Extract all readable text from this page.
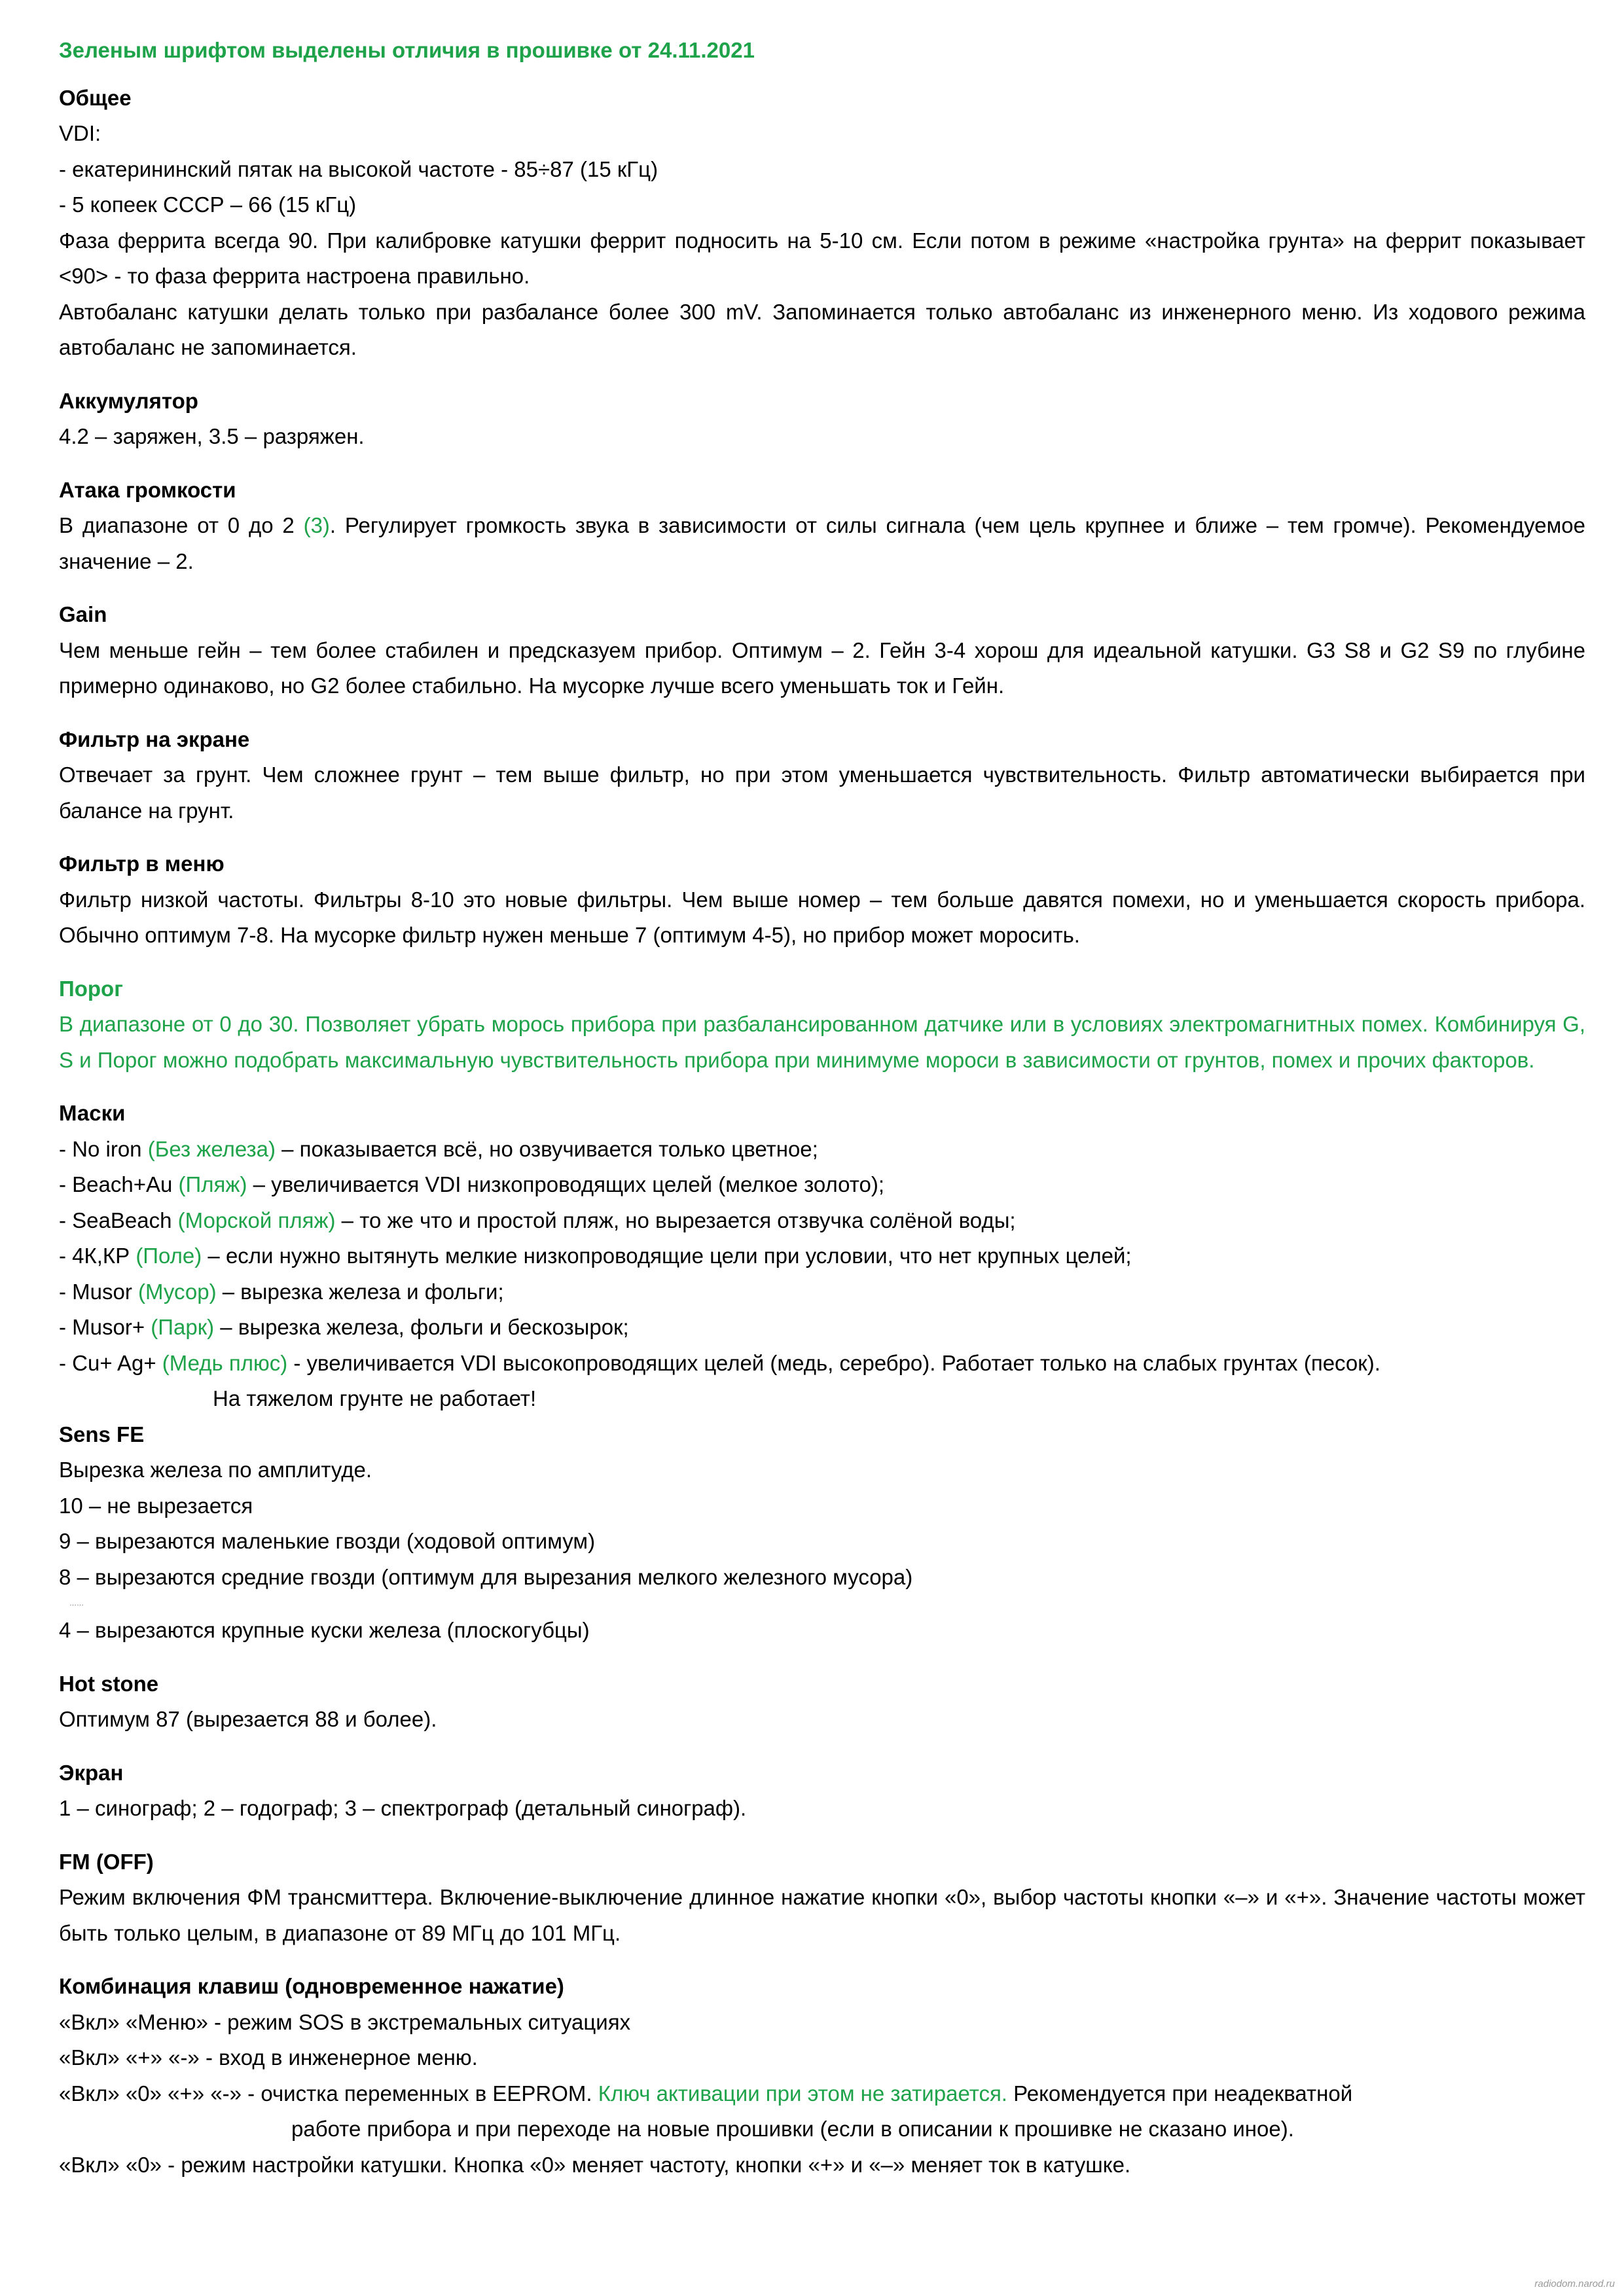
Зеленым шрифтом выделены отличия в прошивке от 24.11.2021
Общее
VDI:
- екатерининский пятак на высокой частоте - 85÷87 (15 кГц)
- 5 копеек СССР – 66 (15 кГц)
Фаза феррита всегда 90. При калибровке катушки феррит подносить на 5-10 см. Если потом в режиме «настройка грунта» на феррит показывает <90> - то фаза феррита настроена правильно.
Автобаланс катушки делать только при разбалансе более 300 mV. Запоминается только автобаланс из инженерного меню. Из ходового режима автобаланс не запоминается.
Аккумулятор
4.2 – заряжен, 3.5 – разряжен.
Атака громкости
В диапазоне от 0 до 2 (3). Регулирует громкость звука в зависимости от силы сигнала (чем цель крупнее и ближе – тем громче). Рекомендуемое значение – 2.
Gain
Чем меньше гейн – тем более стабилен и предсказуем прибор. Оптимум – 2. Гейн 3-4 хорош для идеальной катушки. G3 S8 и G2 S9 по глубине примерно одинаково, но G2 более стабильно. На мусорке лучше всего уменьшать ток и Гейн.
Фильтр на экране
Отвечает за грунт. Чем сложнее грунт – тем выше фильтр, но при этом уменьшается чувствительность. Фильтр автоматически выбирается при балансе на грунт.
Фильтр в меню
Фильтр низкой частоты. Фильтры 8-10 это новые фильтры. Чем выше номер – тем больше давятся помехи, но и уменьшается скорость прибора. Обычно оптимум 7-8. На мусорке фильтр нужен меньше 7 (оптимум 4-5), но прибор может моросить.
Порог
В диапазоне от 0 до 30. Позволяет убрать морось прибора при разбалансированном датчике или в условиях электромагнитных помех. Комбинируя G, S и Порог можно подобрать максимальную чувствительность прибора при минимуме мороси в зависимости от грунтов, помех и прочих факторов.
Маски
- No iron (Без железа) – показывается всё, но озвучивается только цветное;
- Beach+Au (Пляж) – увеличивается VDI низкопроводящих целей (мелкое золото);
- SeaBeach (Морской пляж) – то же что и простой пляж, но вырезается отзвучка солёной воды;
- 4К,КР (Поле) – если нужно вытянуть мелкие низкопроводящие цели при условии, что нет крупных целей;
- Musor (Мусор) – вырезка железа и фольги;
- Musor+ (Парк) – вырезка железа, фольги и бескозырок;
- Cu+ Ag+ (Медь плюс) - увеличивается VDI высокопроводящих целей (медь, серебро). Работает только на слабых грунтах (песок).
На тяжелом грунте не работает!
Sens FE
Вырезка железа по амплитуде.
10 – не вырезается
9 – вырезаются маленькие гвозди (ходовой оптимум)
8 – вырезаются средние гвозди (оптимум для вырезания мелкого железного мусора)
……
4 – вырезаются крупные куски железа (плоскогубцы)
Hot stone
Оптимум 87 (вырезается 88 и более).
Экран
1 – синограф; 2 – годограф; 3 – спектрограф (детальный синограф).
FM (OFF)
Режим включения ФМ трансмиттера. Включение-выключение длинное нажатие кнопки «0», выбор частоты кнопки «–» и «+». Значение частоты может быть только целым, в диапазоне от 89 МГц до 101 МГц.
Комбинация клавиш (одновременное нажатие)
«Вкл» «Меню» - режим SOS в экстремальных ситуациях
«Вкл» «+» «-» - вход в инженерное меню.
«Вкл» «0» «+» «-» - очистка переменных в EEPROM. Ключ активации при этом не затирается. Рекомендуется при неадекватной
работе прибора и при переходе на новые прошивки (если в описании к прошивке не сказано иное).
«Вкл» «0» - режим настройки катушки. Кнопка «0» меняет частоту, кнопки «+» и «–» меняет ток в катушке.
radiodom.narod.ru
